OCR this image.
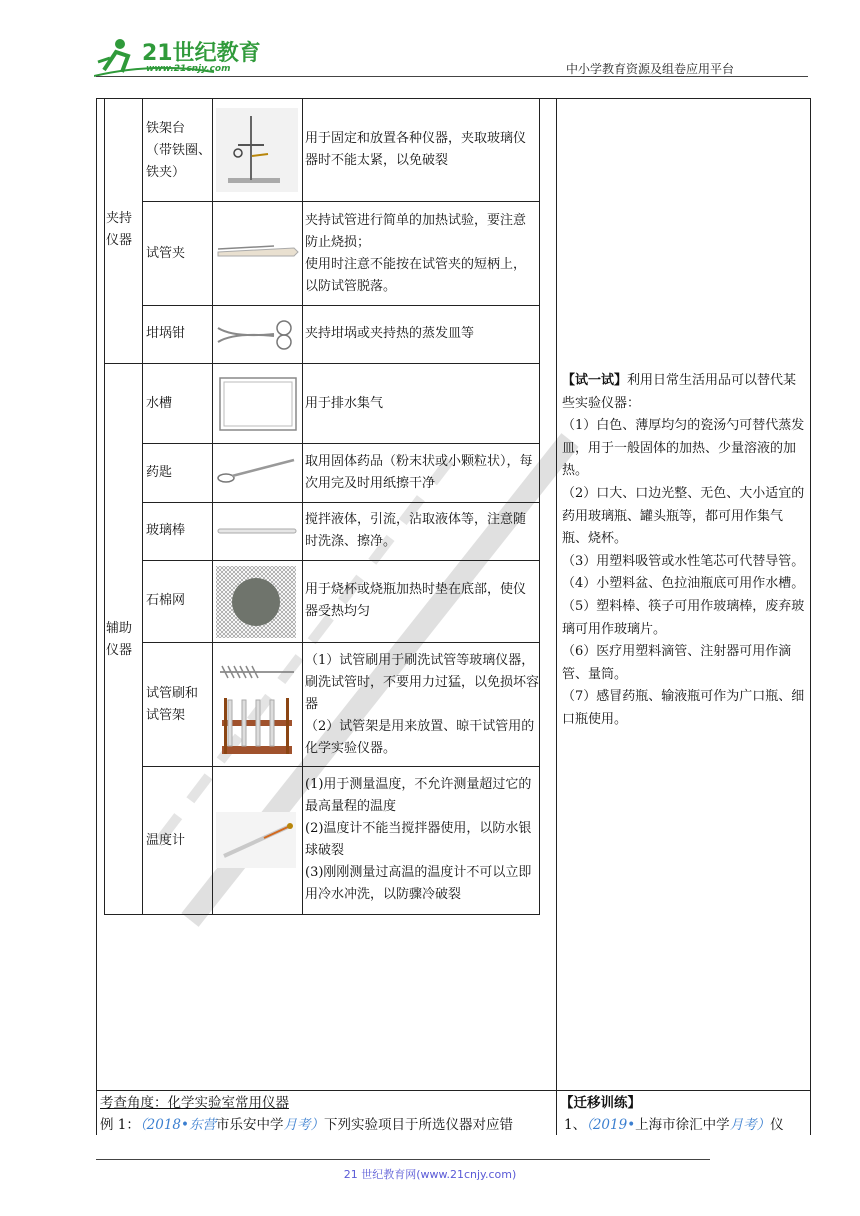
21世纪教育
www.21cnjy.com	中小学教育资源及组卷应用平台
夹持
仪器
辅助
仪器
铁架台
（带铁圈、
铁夹）
试管夹
坩埚钳
水槽
药匙
玻璃棒
石棉网
试管刷和
试管架
温度计
用于固定和放置各种仪器，夹取玻璃仪器时不能太紧，以免破裂
夹持试管进行简单的加热试验，要注意防止烧损；
使用时注意不能按在试管夹的短柄上，以防试管脱落。
夹持坩埚或夹持热的蒸发皿等
用于排水集气
取用固体药品（粉末状或小颗粒状），每次用完及时用纸擦干净
搅拌液体，引流，沾取液体等，注意随时洗涤、擦净。
用于烧杯或烧瓶加热时垫在底部，使仪器受热均匀
（1）试管刷用于刷洗试管等玻璃仪器，刷洗试管时，不要用力过猛，以免损坏容器
（2）试管架是用来放置、晾干试管用的化学实验仪器。
(1)用于测量温度，不允许测量超过它的最高量程的温度
(2)温度计不能当搅拌器使用，以防水银球破裂
(3)刚刚测量过高温的温度计不可以立即用冷水冲洗，以防骤冷破裂

【试一试】利用日常生活用品可以替代某些实验仪器：

（1）白色、薄厚均匀的瓷汤勺可替代蒸发皿，用于一般固体的加热、少量溶液的加热。

（2）口大、口边光整、无色、大小适宜的药用玻璃瓶、罐头瓶等，都可用作集气瓶、烧杯。

（3）用塑料吸管或水性笔芯可代替导管。

（4）小塑料盆、色拉油瓶底可用作水槽。

（5）塑料棒、筷子可用作玻璃棒，废弃玻璃可用作玻璃片。

（6）医疗用塑料滴管、注射器可用作滴管、量筒。

（7）感冒药瓶、输液瓶可作为广口瓶、细口瓶使用。

考查角度：化学实验室常用仪器
例 1：（2018•东营市乐安中学月考）下列实验项目于所选仪器对应错
【迁移训练】
1、（2019•上海市徐汇中学月考）仪
21 世纪教育网(www.21cnjy.com)
